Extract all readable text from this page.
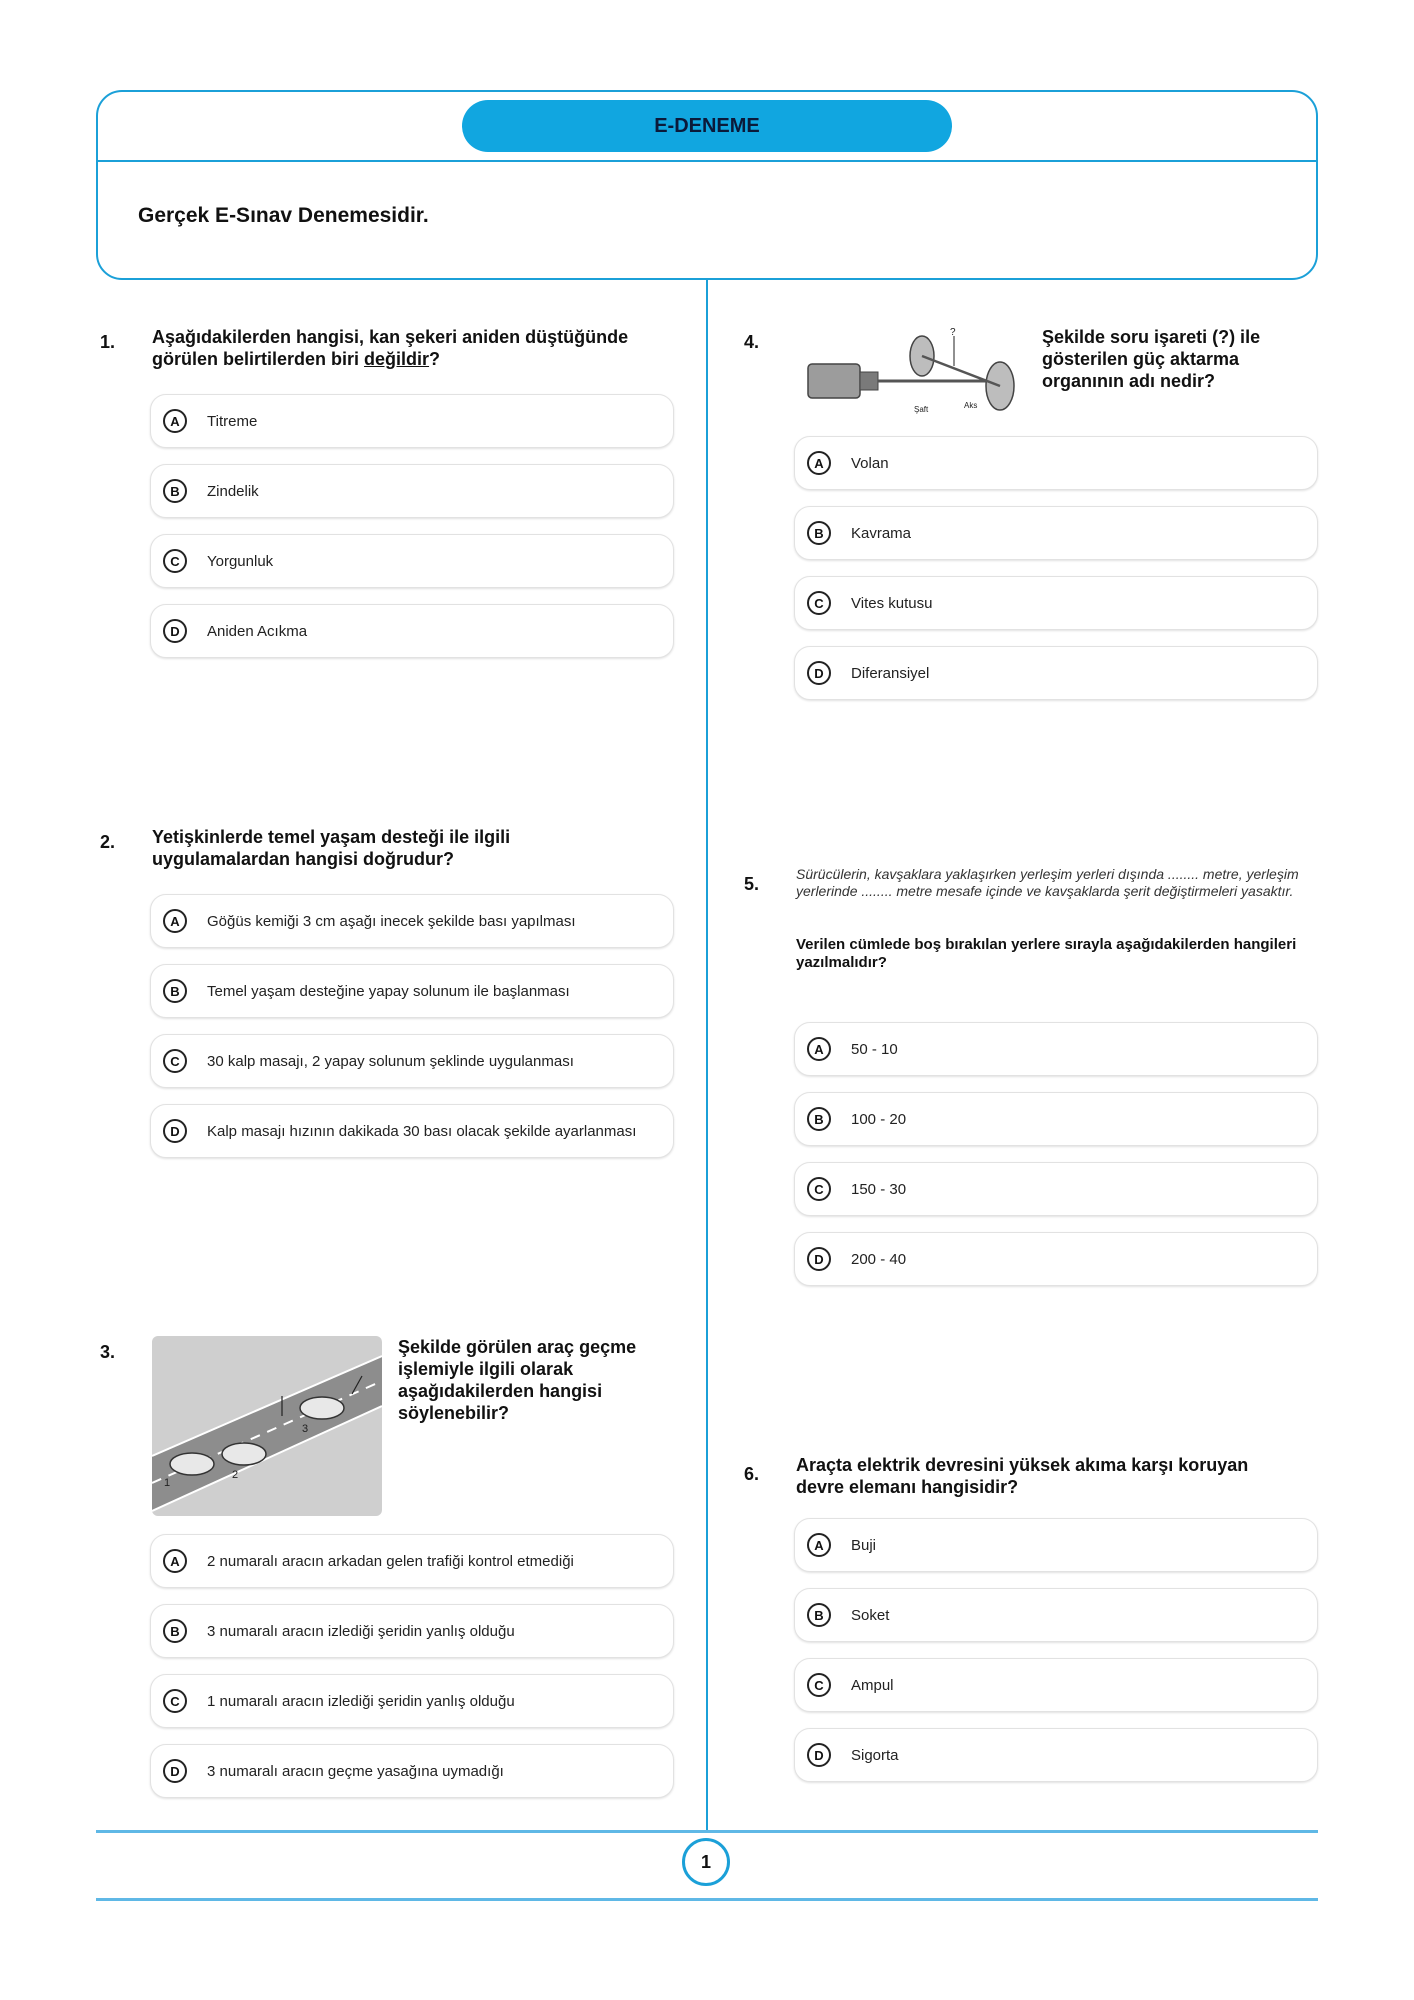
E-DENEME
Gerçek E-Sınav Denemesidir.
1. Aşağıdakilerden hangisi, kan şekeri aniden düştüğünde görülen belirtilerden biri değildir?
A	Titreme
B	Zindelik
C	Yorgunluk
D	Aniden Acıkma
2. Yetişkinlerde temel yaşam desteği ile ilgili uygulamalardan hangisi doğrudur?
A	Göğüs kemiği 3 cm aşağı inecek şekilde bası yapılması
B	Temel yaşam desteğine yapay solunum ile başlanması
C	30 kalp masajı, 2 yapay solunum şeklinde uygulanması
D	Kalp masajı hızının dakikada 30 bası olacak şekilde ayarlanması
3.
1
2
3
Şekilde görülen araç geçme işlemiyle ilgili olarak aşağıdakilerden hangisi söylenebilir?
A	2 numaralı aracın arkadan gelen trafiği kontrol etmediği
B	3 numaralı aracın izlediği şeridin yanlış olduğu
C	1 numaralı aracın izlediği şeridin yanlış olduğu
D	3 numaralı aracın geçme yasağına uymadığı
4.	?
Şaft	Aks
Şekilde soru işareti (?) ile gösterilen güç aktarma organının adı nedir?
A	Volan
B	Kavrama
C	Vites kutusu
D	Diferansiyel
5.	Sürücülerin, kavşaklara yaklaşırken yerleşim yerleri dışında ........ metre, yerleşim yerlerinde ........ metre mesafe içinde ve kavşaklarda şerit değiştirmeleri yasaktır.
Verilen cümlede boş bırakılan yerlere sırayla aşağıdakilerden hangileri yazılmalıdır?
A	50 - 10
B	100 - 20
C	150 - 30
D	200 - 40
6. Araçta elektrik devresini yüksek akıma karşı koruyan devre elemanı hangisidir?
A	Buji
B	Soket
C	Ampul
D	Sigorta
1
